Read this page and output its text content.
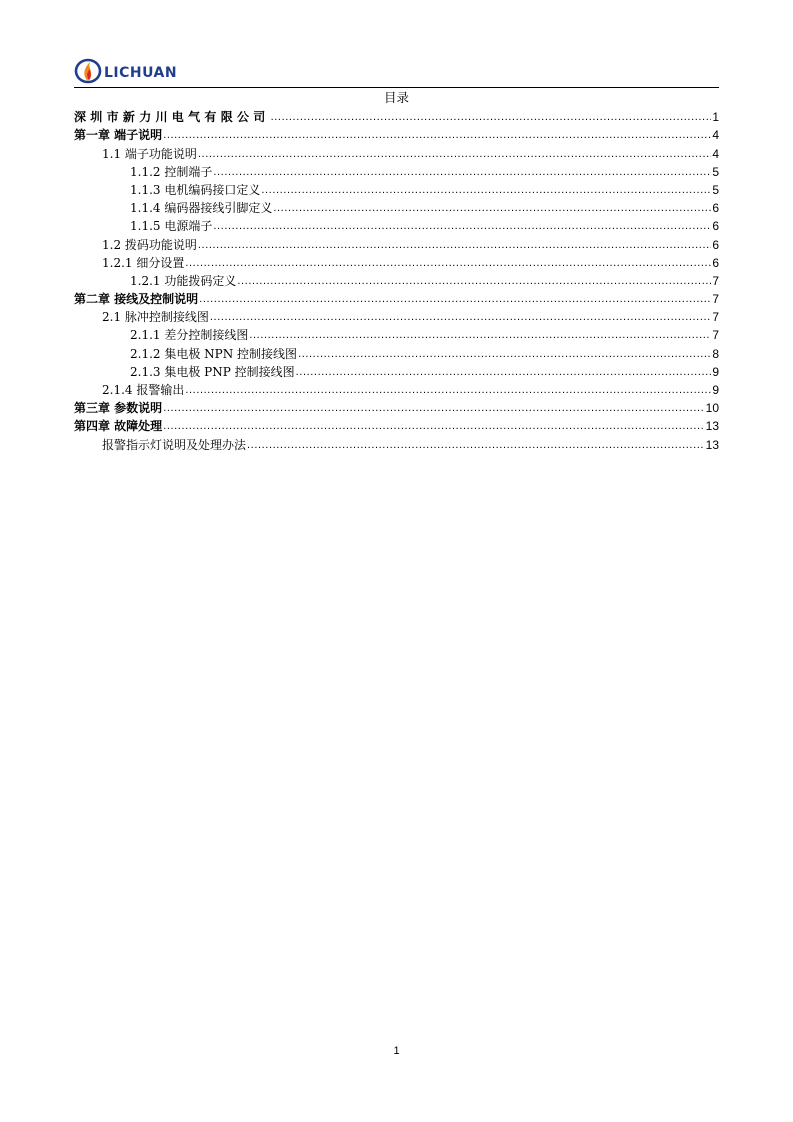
LICHUAN
目录
深圳市新力川电气有限公司 .....	1
第一章 端子说明 .....	4
1.1 端子功能说明 .....	4
1.1.2 控制端子 .....	5
1.1.3 电机编码接口定义 .....	5
1.1.4 编码器接线引脚定义 .....	6
1.1.5 电源端子 .....	6
1.2 拨码功能说明 .....	6
1.2.1 细分设置 .....	6
1.2.1 功能拨码定义 .....	7
第二章 接线及控制说明 .....	7
2.1 脉冲控制接线图 .....	7
2.1.1 差分控制接线图 .....	7
2.1.2 集电极 NPN 控制接线图 .....	8
2.1.3 集电极 PNP 控制接线图 .....	9
2.1.4 报警输出 .....	9
第三章 参数说明 .....	10
第四章 故障处理 .....	13
报警指示灯说明及处理办法 .....	13
1
